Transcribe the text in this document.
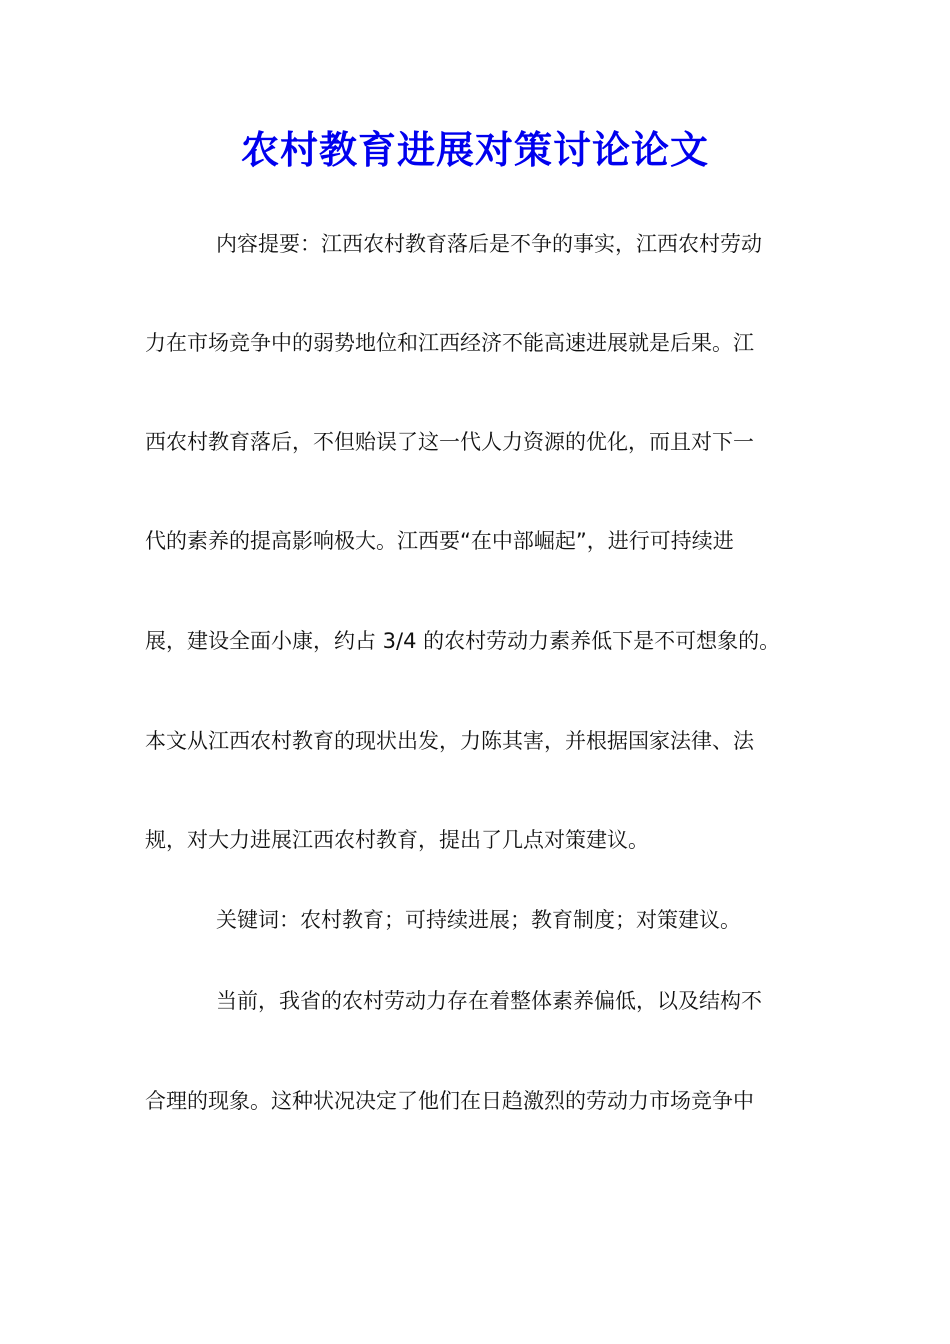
农村教育进展对策讨论论文

内容提要：江西农村教育落后是不争的事实，江西农村劳动

力在市场竞争中的弱势地位和江西经济不能高速进展就是后果。江

西农村教育落后，不但贻误了这一代人力资源的优化，而且对下一

代的素养的提高影响极大。江西要“在中部崛起”，进行可持续进

展，建设全面小康，约占 3/4 的农村劳动力素养低下是不可想象的。

本文从江西农村教育的现状出发，力陈其害，并根据国家法律、法

规，对大力进展江西农村教育，提出了几点对策建议。

关键词：农村教育；可持续进展；教育制度；对策建议。

当前，我省的农村劳动力存在着整体素养偏低，以及结构不

合理的现象。这种状况决定了他们在日趋激烈的劳动力市场竞争中
